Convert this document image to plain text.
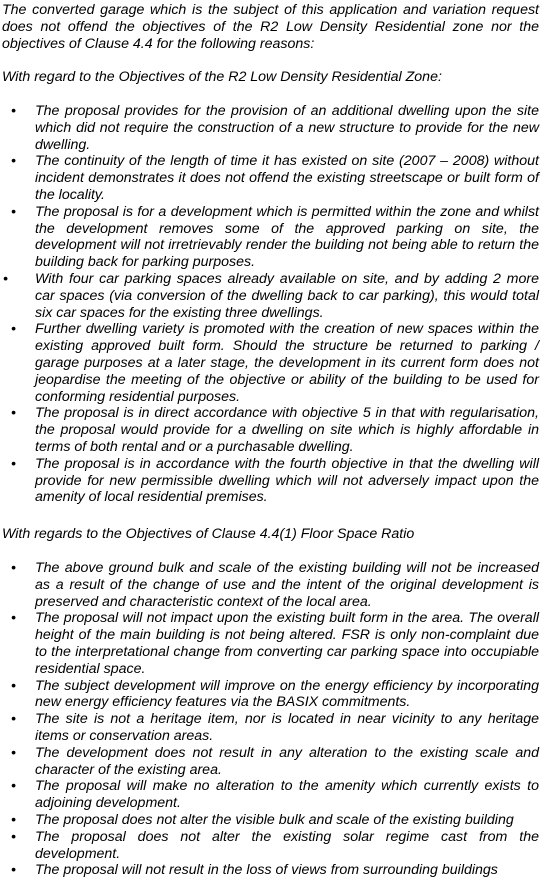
The converted garage which is the subject of this application and variation request does not offend the objectives of the R2 Low Density Residential zone nor the objectives of Clause 4.4 for the following reasons:

With regard to the Objectives of the R2 Low Density Residential Zone:

• The proposal provides for the provision of an additional dwelling upon the site which did not require the construction of a new structure to provide for the new dwelling.
• The continuity of the length of time it has existed on site (2007 – 2008) without incident demonstrates it does not offend the existing streetscape or built form of the locality.
• The proposal is for a development which is permitted within the zone and whilst the development removes some of the approved parking on site, the development will not irretrievably render the building not being able to return the building back for parking purposes.
• With four car parking spaces already available on site, and by adding 2 more car spaces (via conversion of the dwelling back to car parking), this would total six car spaces for the existing three dwellings.
• Further dwelling variety is promoted with the creation of new spaces within the existing approved built form. Should the structure be returned to parking / garage purposes at a later stage, the development in its current form does not jeopardise the meeting of the objective or ability of the building to be used for conforming residential purposes.
• The proposal is in direct accordance with objective 5 in that with regularisation, the proposal would provide for a dwelling on site which is highly affordable in terms of both rental and or a purchasable dwelling.
• The proposal is in accordance with the fourth objective in that the dwelling will provide for new permissible dwelling which will not adversely impact upon the amenity of local residential premises.

With regards to the Objectives of Clause 4.4(1) Floor Space Ratio

• The above ground bulk and scale of the existing building will not be increased as a result of the change of use and the intent of the original development is preserved and characteristic context of the local area.
• The proposal will not impact upon the existing built form in the area. The overall height of the main building is not being altered. FSR is only non-complaint due to the interpretational change from converting car parking space into occupiable residential space.
• The subject development will improve on the energy efficiency by incorporating new energy efficiency features via the BASIX commitments.
• The site is not a heritage item, nor is located in near vicinity to any heritage items or conservation areas.
• The development does not result in any alteration to the existing scale and character of the existing area.
• The proposal will make no alteration to the amenity which currently exists to adjoining development.
• The proposal does not alter the visible bulk and scale of the existing building
• The proposal does not alter the existing solar regime cast from the development.
• The proposal will not result in the loss of views from surrounding buildings
